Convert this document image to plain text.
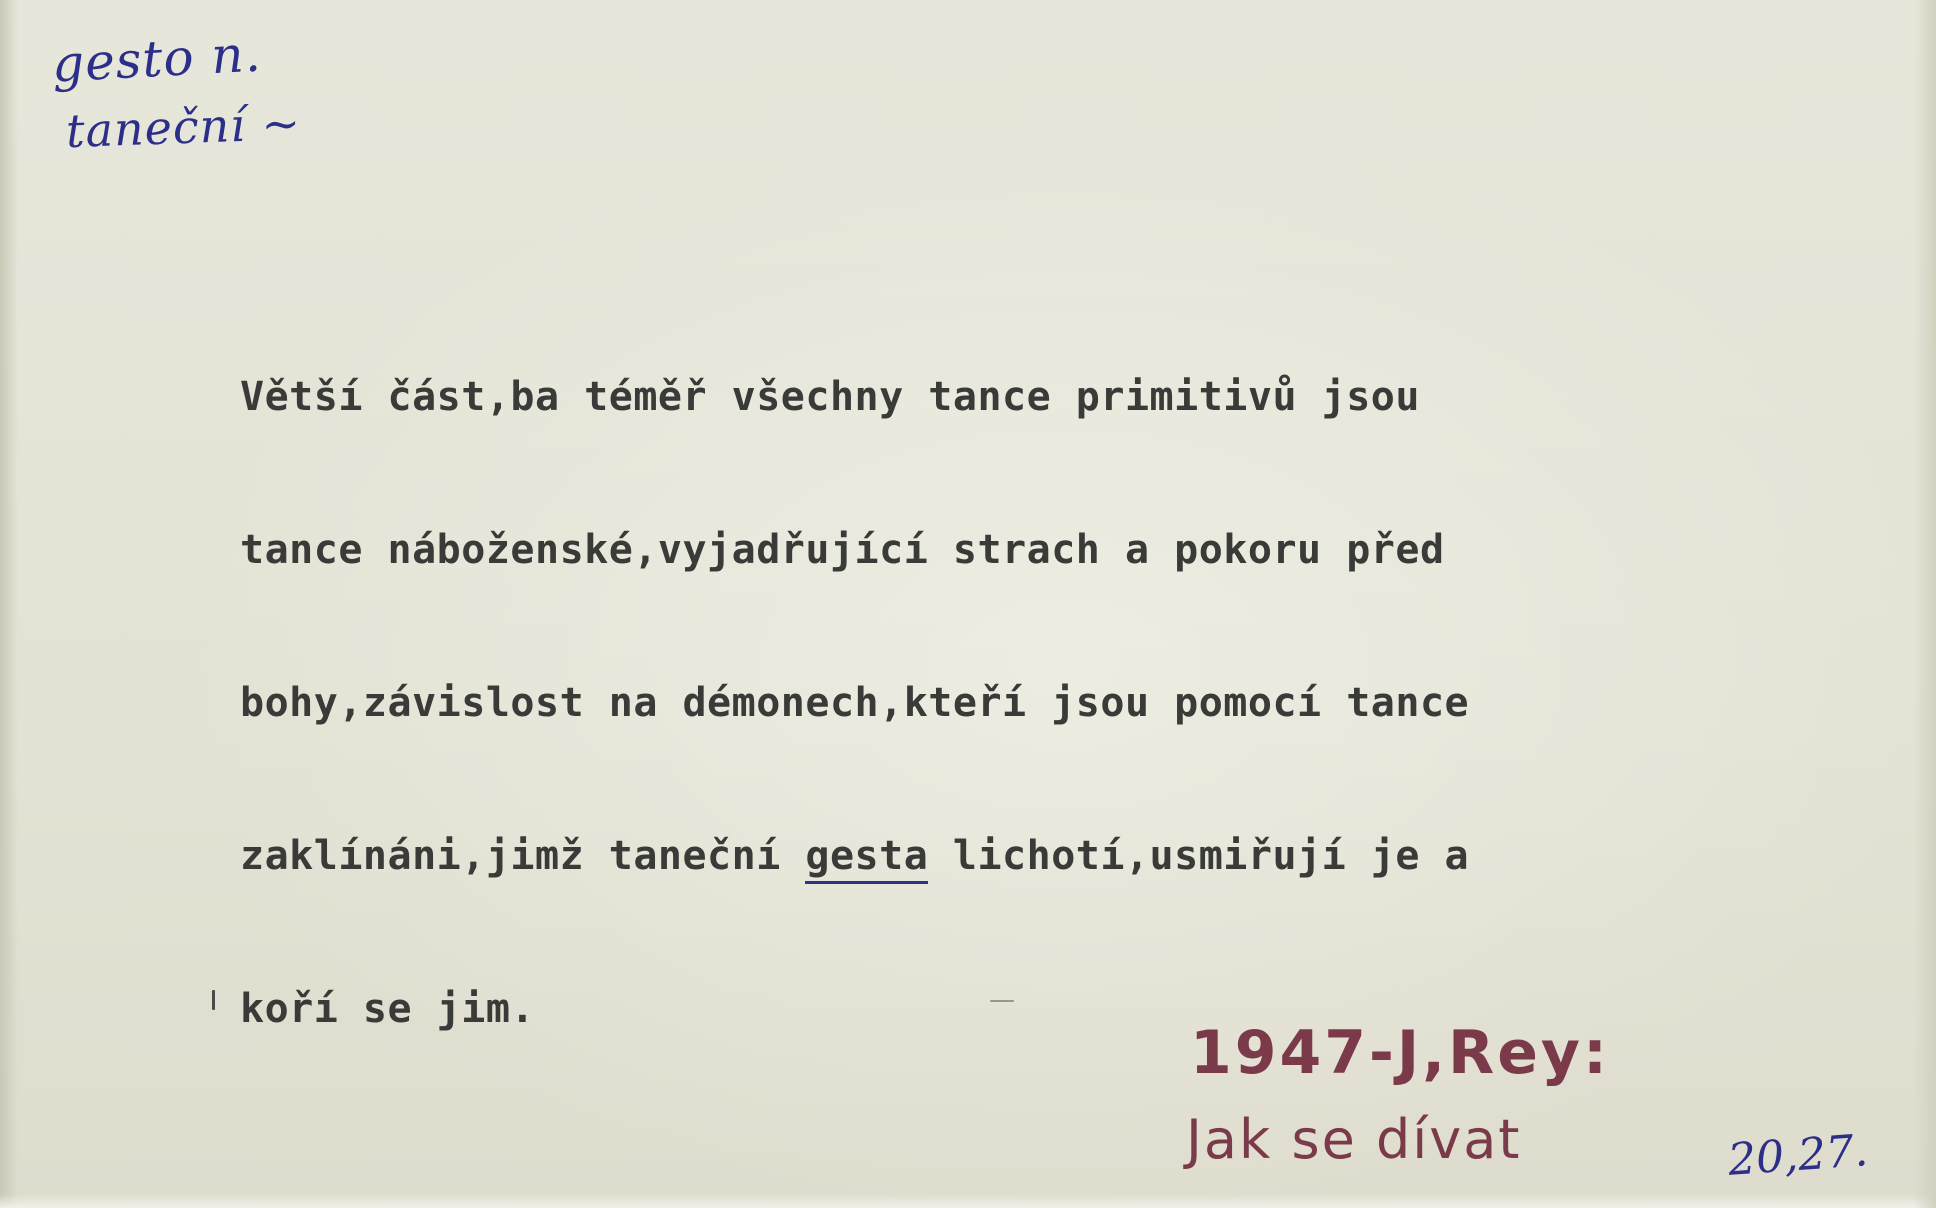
gesto n.
taneční ~

Větší část,ba téměř všechny tance primitivů jsou

tance náboženské,vyjadřující strach a pokoru před

bohy,závislost na démonech,kteří jsou pomocí tance

zaklínáni,jimž taneční gesta lichotí,usmiřují je a

koří se jim.

1947-J,Rey:
Jak se dívat	20,27.
